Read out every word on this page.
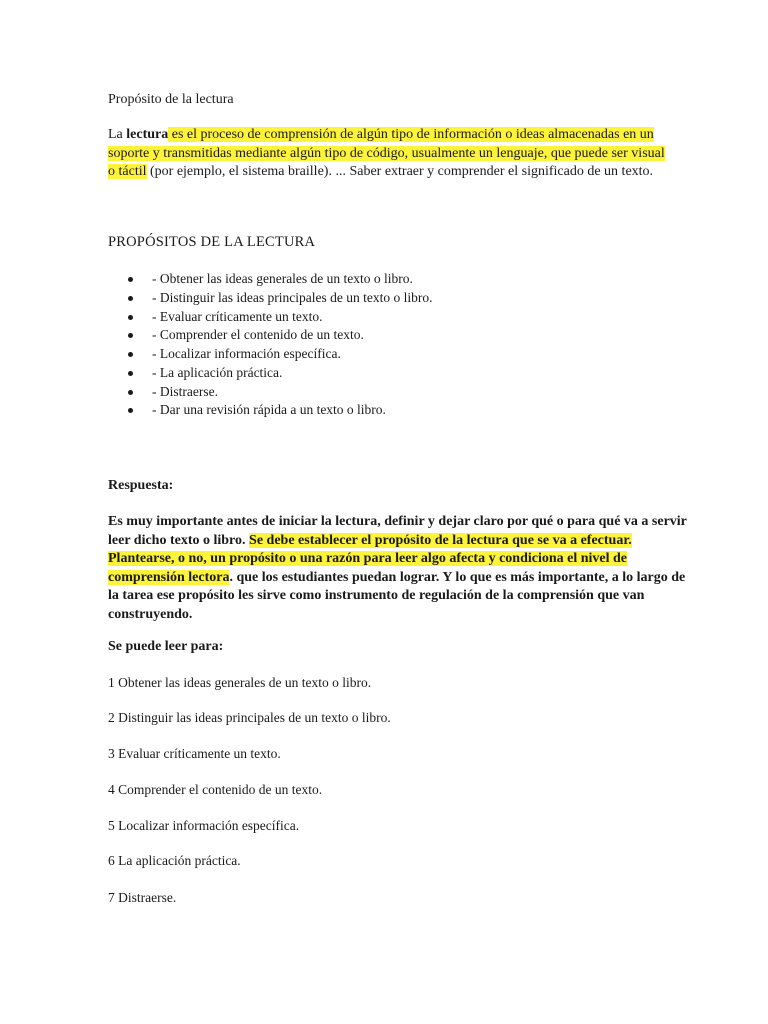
Propósito de la lectura
La lectura es el proceso de comprensión de algún tipo de información o ideas almacenadas en un soporte y transmitidas mediante algún tipo de código, usualmente un lenguaje, que puede ser visual o táctil (por ejemplo, el sistema braille). ... Saber extraer y comprender el significado de un texto.
PROPÓSITOS DE LA LECTURA
- Obtener las ideas generales de un texto o libro.
- Distinguir las ideas principales de un texto o libro.
- Evaluar críticamente un texto.
- Comprender el contenido de un texto.
- Localizar información específica.
- La aplicación práctica.
- Distraerse.
- Dar una revisión rápida a un texto o libro.
Respuesta:
Es muy importante antes de iniciar la lectura, definir y dejar claro por qué o para qué va a servir leer dicho texto o libro. Se debe establecer el propósito de la lectura que se va a efectuar. Plantearse, o no, un propósito o una razón para leer algo afecta y condiciona el nivel de comprensión lectora. que los estudiantes puedan lograr. Y lo que es más importante, a lo largo de la tarea ese propósito les sirve como instrumento de regulación de la comprensión que van construyendo.
Se puede leer para:
1 Obtener las ideas generales de un texto o libro.
2 Distinguir las ideas principales de un texto o libro.
3 Evaluar críticamente un texto.
4 Comprender el contenido de un texto.
5 Localizar información específica.
6 La aplicación práctica.
7 Distraerse.
